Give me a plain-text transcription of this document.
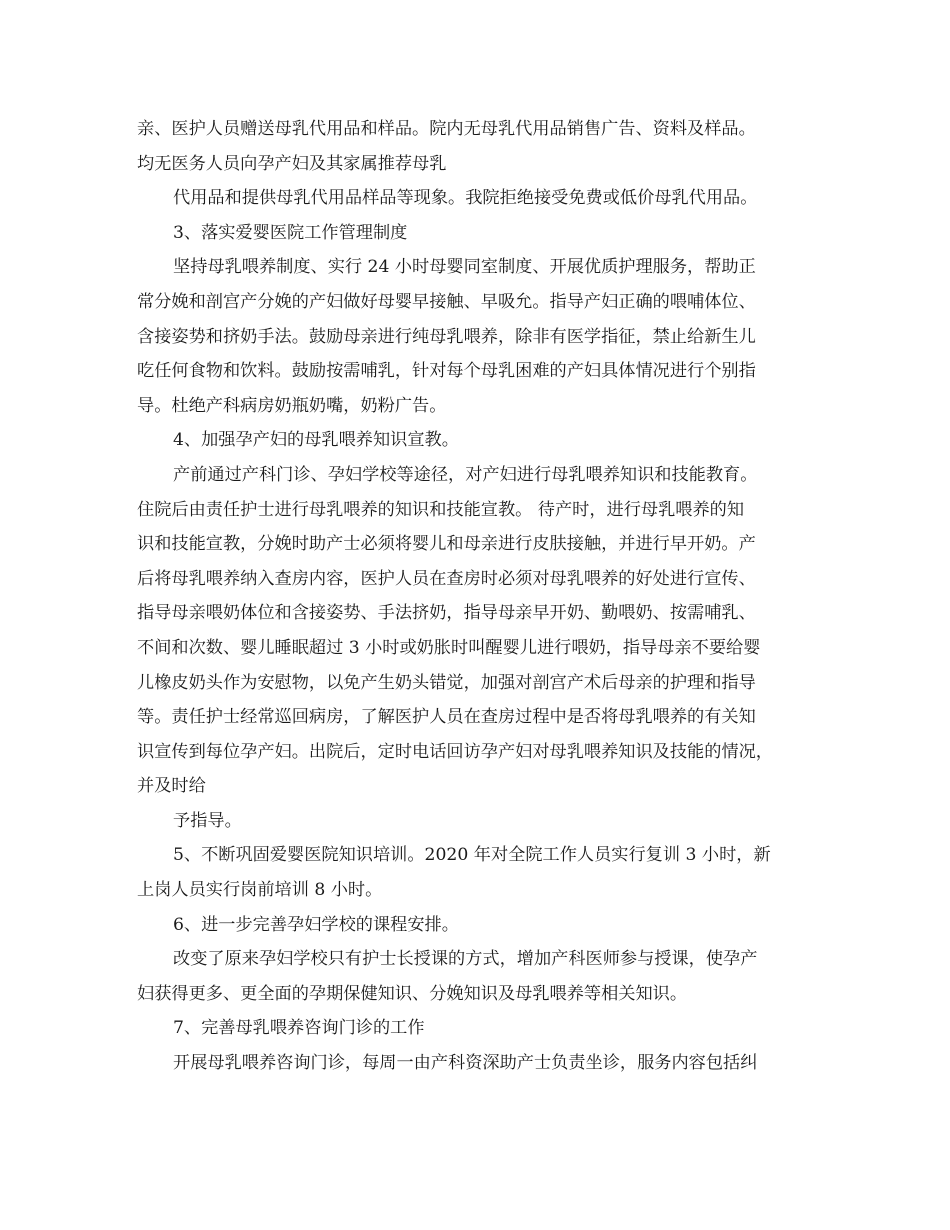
亲、医护人员赠送母乳代用品和样品。院内无母乳代用品销售广告、资料及样品。
均无医务人员向孕产妇及其家属推荐母乳
代用品和提供母乳代用品样品等现象。我院拒绝接受免费或低价母乳代用品。
3、落实爱婴医院工作管理制度
坚持母乳喂养制度、实行 24 小时母婴同室制度、开展优质护理服务，帮助正
常分娩和剖宫产分娩的产妇做好母婴早接触、早吸允。指导产妇正确的喂哺体位、
含接姿势和挤奶手法。鼓励母亲进行纯母乳喂养，除非有医学指征，禁止给新生儿
吃任何食物和饮料。鼓励按需哺乳，针对每个母乳困难的产妇具体情况进行个别指
导。杜绝产科病房奶瓶奶嘴，奶粉广告。
4、加强孕产妇的母乳喂养知识宣教。
产前通过产科门诊、孕妇学校等途径，对产妇进行母乳喂养知识和技能教育。
住院后由责任护士进行母乳喂养的知识和技能宣教。 待产时，进行母乳喂养的知
识和技能宣教，分娩时助产士必须将婴儿和母亲进行皮肤接触，并进行早开奶。产
后将母乳喂养纳入查房内容，医护人员在查房时必须对母乳喂养的好处进行宣传、
指导母亲喂奶体位和含接姿势、手法挤奶，指导母亲早开奶、勤喂奶、按需哺乳、
不间和次数、婴儿睡眠超过 3 小时或奶胀时叫醒婴儿进行喂奶，指导母亲不要给婴
儿橡皮奶头作为安慰物，以免产生奶头错觉，加强对剖宫产术后母亲的护理和指导
等。责任护士经常巡回病房，了解医护人员在查房过程中是否将母乳喂养的有关知
识宣传到每位孕产妇。出院后，定时电话回访孕产妇对母乳喂养知识及技能的情况，
并及时给
予指导。
5、不断巩固爱婴医院知识培训。2020 年对全院工作人员实行复训 3 小时，新
上岗人员实行岗前培训 8 小时。
6、进一步完善孕妇学校的课程安排。
改变了原来孕妇学校只有护士长授课的方式，增加产科医师参与授课，使孕产
妇获得更多、更全面的孕期保健知识、分娩知识及母乳喂养等相关知识。
7、完善母乳喂养咨询门诊的工作
开展母乳喂养咨询门诊，每周一由产科资深助产士负责坐诊，服务内容包括纠
